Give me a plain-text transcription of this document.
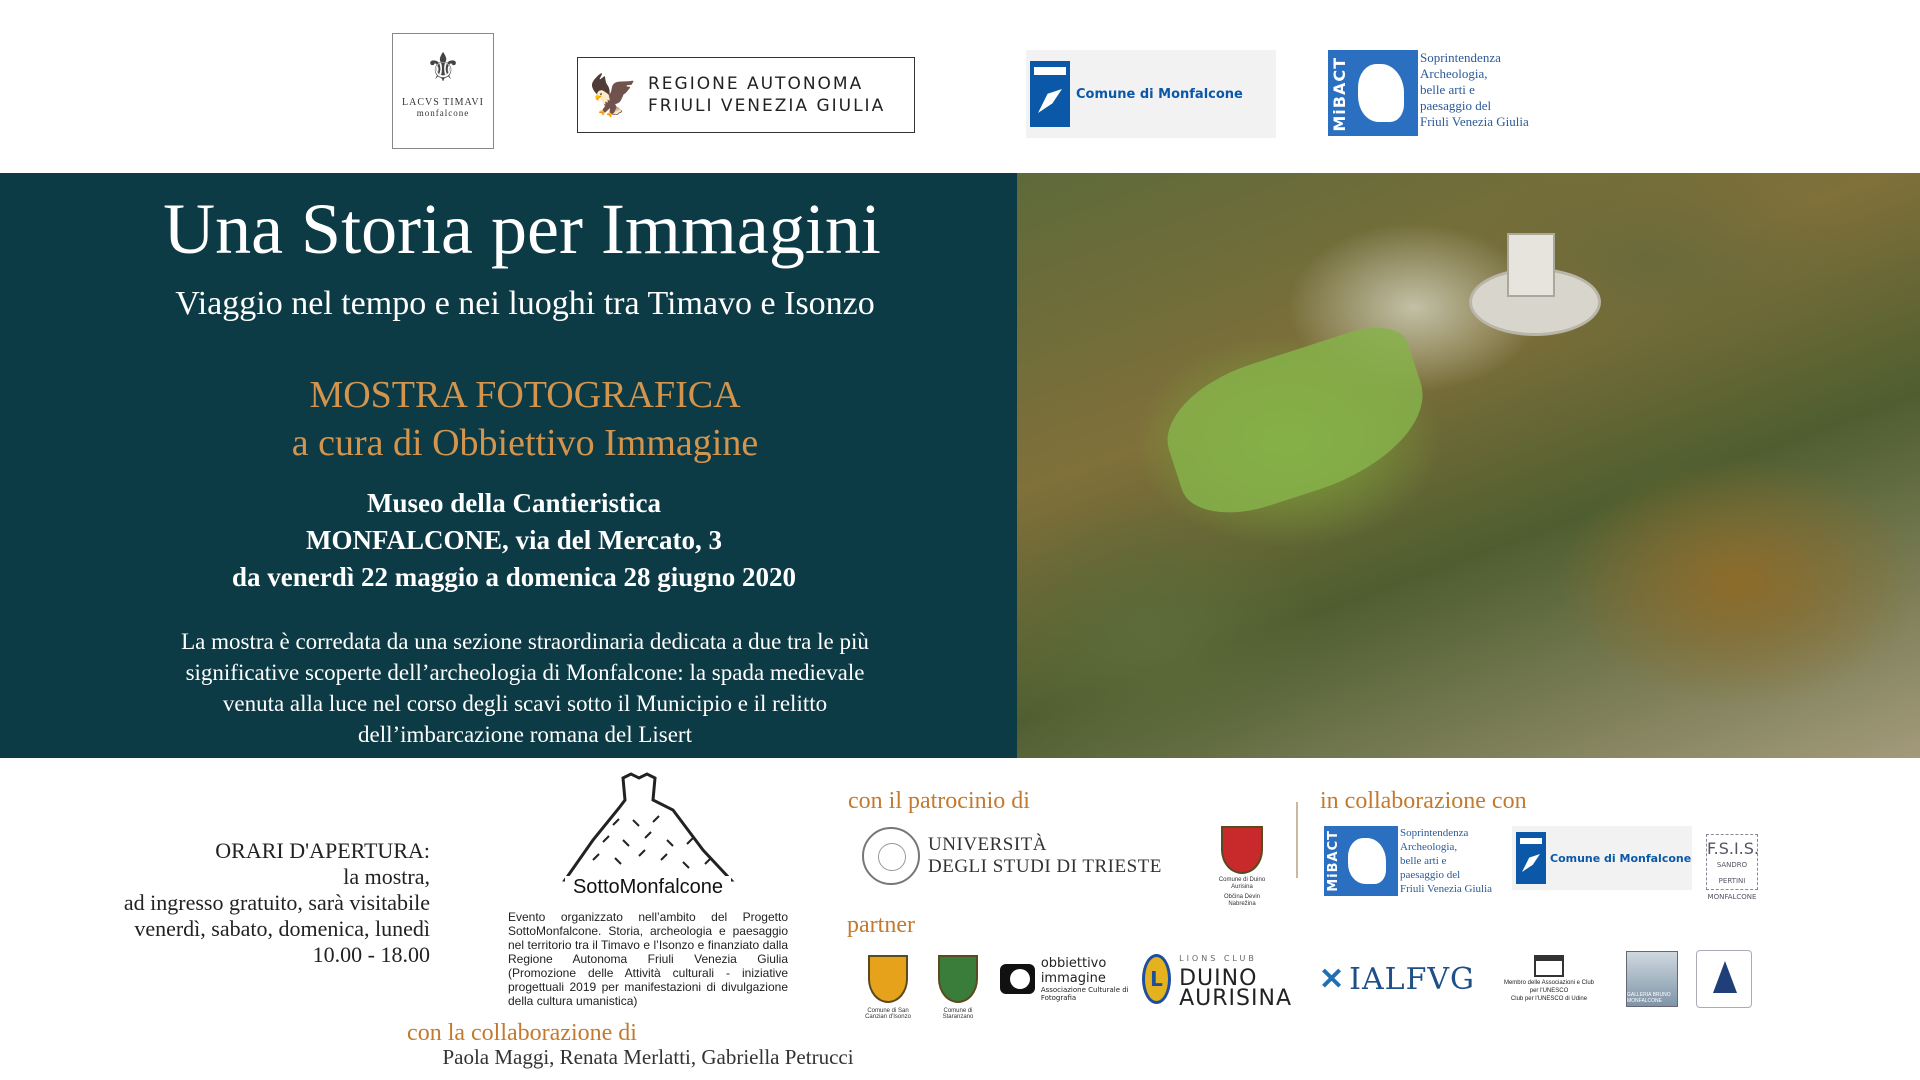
⚜
LACVS TIMAVI
monfalcone	🦅 REGIONE AUTONOMA
FRIULI VENEZIA GIULIA
Comune di Monfalcone	MiBACT	Soprintendenza
Archeologia,
belle arti e
paesaggio del
Friuli Venezia Giulia
Una Storia per Immagini
Viaggio nel tempo e nei luoghi tra Timavo e Isonzo
MOSTRA FOTOGRAFICA
a cura di Obbiettivo Immagine
Museo della Cantieristica
MONFALCONE, via del Mercato, 3
da venerdì 22 maggio a domenica 28 giugno 2020
La mostra è corredata da una sezione straordinaria dedicata a due tra le più
significative scoperte dell’archeologia di Monfalcone: la spada medievale
venuta alla luce nel corso degli scavi sotto il Municipio e il relitto
dell’imbarcazione romana del Lisert
ORARI D'APERTURA:
la mostra,
ad ingresso gratuito, sarà visitabile
venerdì, sabato, domenica, lunedì
10.00 - 18.00
SottoMonfalcone
Evento organizzato nell’ambito del Progetto SottoMonfalcone. Storia, archeologia e paesaggio nel territorio tra il Timavo e l’Isonzo e finanziato dalla Regione Autonoma Friuli Venezia Giulia (Promozione delle Attività culturali - iniziative progettuali 2019 per manifestazioni di divulgazione della cultura umanistica)
con la collaborazione di
Paola Maggi, Renata Merlatti, Gabriella Petrucci
con il patrocinio di	in collaborazione con
partner
UNIVERSITÀ
DEGLI STUDI DI TRIESTE
Comune di Duino Aurisina
Občina Devin Nabrežina
MiBACT	Soprintendenza
Archeologia,
belle arti e
paesaggio del
Friuli Venezia Giulia
Comune di Monfalcone F.S.I.S.
SANDRO PERTINI MONFALCONE
Comune di San Canzian d'Isonzo
Comune di Staranzano
obbiettivo
immagine
Associazione Culturale di Fotografia
L
LIONS CLUB
DUINO
AURISINA
✕ IALFVG	Membro delle Associazioni e Club per l'UNESCO
Club per l'UNESCO di Udine
GALLERIA BRUNO MONFALCONE
